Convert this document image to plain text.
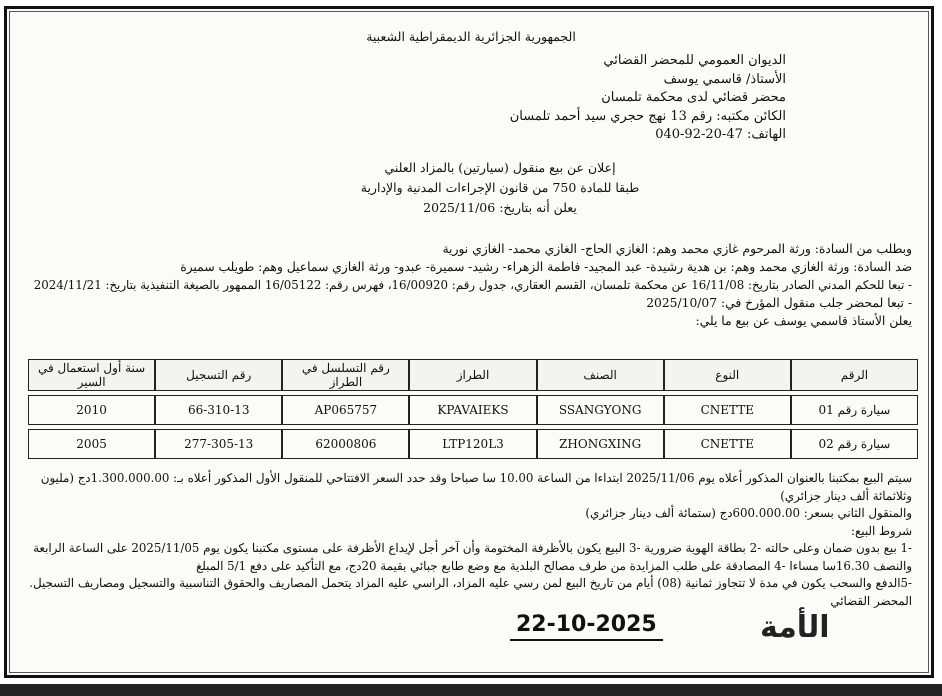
الجمهورية الجزائرية الديمقراطية الشعبية
الديوان العمومي للمحضر القضائي
الأستاذ/ قاسمي يوسف
محضر قضائي لدى محكمة تلمسان
الكائن مكتبه: رقم 13 نهج حجري سيد أحمد تلمسان
الهاتف: 47-20-92-040
إعلان عن بيع منقول (سيارتين) بالمزاد العلني
طبقا للمادة 750 من قانون الإجراءات المدنية والإدارية
يعلن أنه بتاريخ: 2025/11/06
وبطلب من السادة: ورثة المرحوم غازي محمد وهم: الغازي الحاج- الغازي محمد- الغازي نورية
ضد السادة: ورثة الغازي محمد وهم: بن هدية رشيدة- عبد المجيد- فاطمة الزهراء- رشيد- سميرة- عبدو- ورثة الغازي سماعيل وهم: طويلب سميرة
- تبعا للحكم المدني الصادر بتاريخ: 16/11/08 عن محكمة تلمسان، القسم العقاري، جدول رقم: 16/00920، فهرس رقم: 16/05122 الممهور بالصيغة التنفيذية بتاريخ: 2024/11/21
- تبعا لمحضر جلب منقول المؤرخ في: 2025/10/07
يعلن الأستاذ قاسمي يوسف عن بيع ما يلي:
الرقم	النوع	الصنف	الطراز	رقم التسلسل في الطراز	رقم التسجيل	سنة أول استعمال في السير
سيارة رقم 01	CNETTE	SSANGYONG	KPAVAIEKS	AP065757	66-310-13	2010
سيارة رقم 02	CNETTE	ZHONGXING	LTP120L3	62000806	277-305-13	2005
سيتم البيع بمكتبنا بالعنوان المذكور أعلاه يوم 2025/11/06 ابتداءا من الساعة 10.00 سا صباحا وقد حدد السعر الافتتاحي للمنقول الأول المذكور أعلاه بـ: 1.300.000.00دج (مليون وثلاثمائة ألف دينار جزائري)
والمنقول الثاني بسعر: 600.000.00دج (ستمائة ألف دينار جزائري)
شروط البيع:
-1 بيع بدون ضمان وعلى حالته -2 بطاقة الهوية ضرورية -3 البيع يكون بالأظرفة المختومة وأن آخر أجل لإيداع الأظرفة على مستوى مكتبنا يكون يوم 2025/11/05 على الساعة الرابعة والنصف 16.30سا مساءا -4 المصادقة على طلب المزايدة من طرف مصالح البلدية مع وضع طابع جبائي بقيمة 20دج، مع التأكيد على دفع 5/1 المبلغ
-5الدفع والسحب يكون في مدة لا تتجاوز ثمانية (08) أيام من تاريخ البيع لمن رسي عليه المزاد، الراسي عليه المزاد يتحمل المصاريف والحقوق التناسبية والتسجيل ومصاريف التسجيل.
المحضر القضائي
22-10-2025	الأمة
